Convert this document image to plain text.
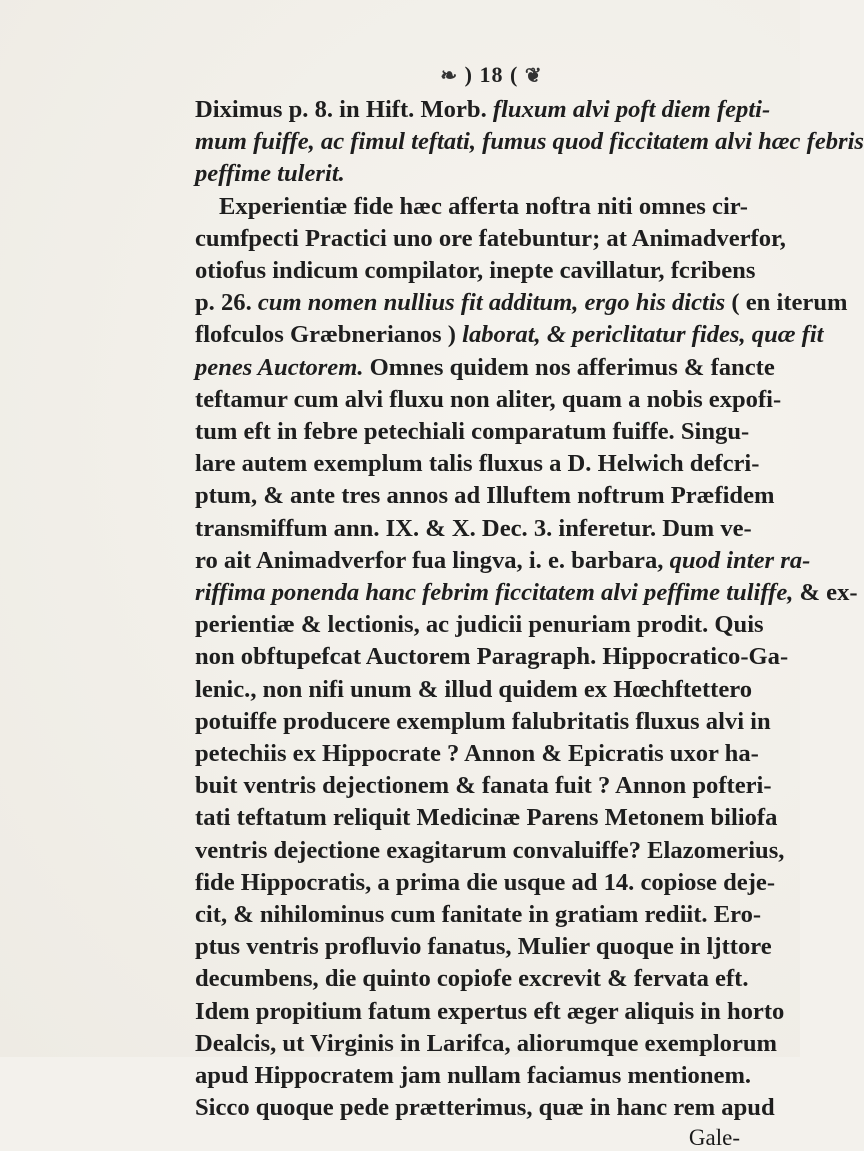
❧ ) 18 ( ❦
Diximus p. 8. in Hift. Morb. fluxum alvi poft diem fepti-
mum fuiffe, ac fimul teftati, fumus quod ficcitatem alvi hæc febris
peffime tulerit.
Experientiæ fide hæc afferta noftra niti omnes cir-
cumfpecti Practici uno ore fatebuntur; at Animadverfor,
otiofus indicum compilator, inepte cavillatur, fcribens
p. 26. cum nomen nullius fit additum, ergo his dictis ( en iterum
flofculos Græbnerianos ) laborat, & periclitatur fides, quæ fit
penes Auctorem. Omnes quidem nos afferimus & fancte
teftamur cum alvi fluxu non aliter, quam a nobis expofi-
tum eft in febre petechiali comparatum fuiffe. Singu-
lare autem exemplum talis fluxus a D. Helwich defcri-
ptum, & ante tres annos ad Illuftem noftrum Præfidem
transmiffum ann. IX. & X. Dec. 3. inferetur. Dum ve-
ro ait Animadverfor fua lingva, i. e. barbara, quod inter ra-
riffima ponenda hanc febrim ficcitatem alvi peffime tuliffe, & ex-
perientiæ & lectionis, ac judicii penuriam prodit. Quis
non obftupefcat Auctorem Paragraph. Hippocratico-Ga-
lenic., non nifi unum & illud quidem ex Hœchftettero
potuiffe producere exemplum falubritatis fluxus alvi in
petechiis ex Hippocrate ? Annon & Epicratis uxor ha-
buit ventris dejectionem & fanata fuit ? Annon pofteri-
tati teftatum reliquit Medicinæ Parens Metonem biliofa
ventris dejectione exagitarum convaluiffe? Elazomerius,
fide Hippocratis, a prima die usque ad 14. copiose deje-
cit, & nihilominus cum fanitate in gratiam rediit. Ero-
ptus ventris profluvio fanatus, Mulier quoque in ljttore
decumbens, die quinto copiofe excrevit & fervata eft.
Idem propitium fatum expertus eft æger aliquis in horto
Dealcis, ut Virginis in Larifca, aliorumque exemplorum
apud Hippocratem jam nullam faciamus mentionem.
Sicco quoque pede prætterimus, quæ in hanc rem apud
Gale-
